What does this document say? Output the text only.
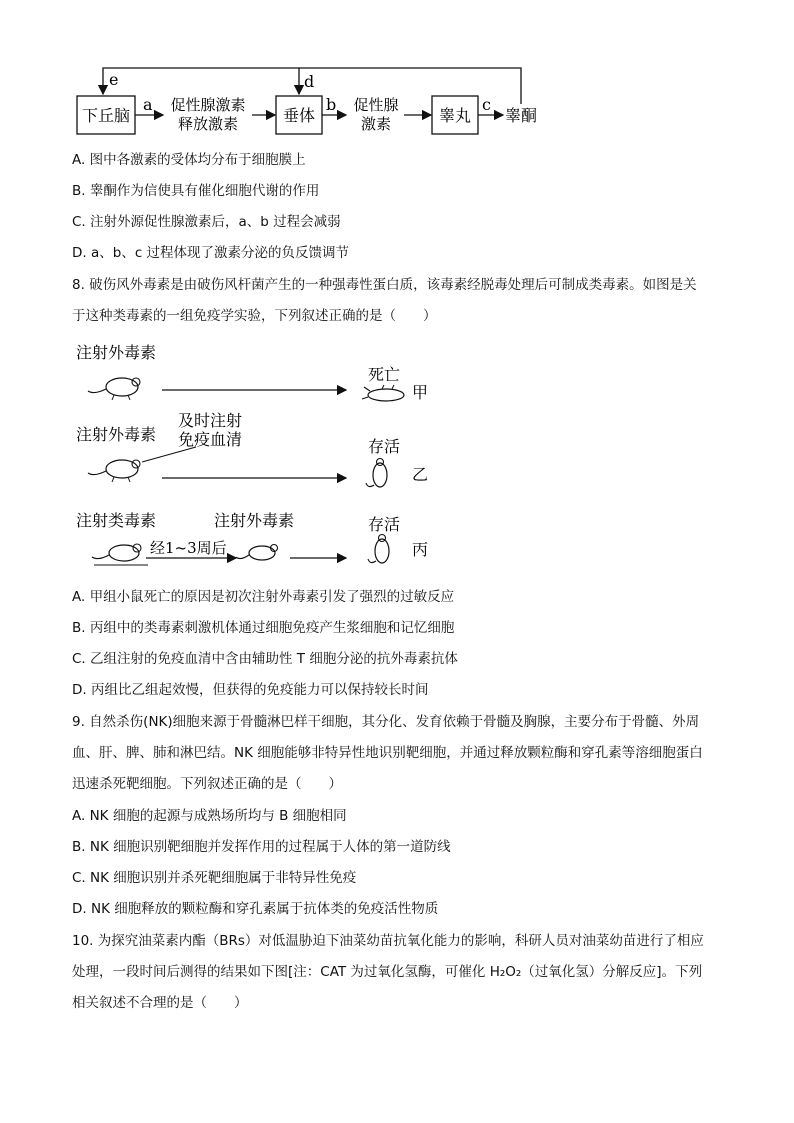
下丘脑	垂体	睾丸 睾酮
a 促性腺激素
释放激素
b 促性腺
激素
c
e	d
A. 图中各激素的受体均分布于细胞膜上
B. 睾酮作为信使具有催化细胞代谢的作用
C. 注射外源促性腺激素后，a、b 过程会减弱
D. a、b、c 过程体现了激素分泌的负反馈调节
8. 破伤风外毒素是由破伤风杆菌产生的一种强毒性蛋白质，该毒素经脱毒处理后可制成类毒素。如图是关
于这种类毒素的一组免疫学实验，下列叙述正确的是（　　）
注射外毒素
死亡
甲
及时注射
免疫血清
注射外毒素
存活
乙
注射类毒素	注射外毒素
经1~3周后
存活
丙
A. 甲组小鼠死亡的原因是初次注射外毒素引发了强烈的过敏反应
B. 丙组中的类毒素刺激机体通过细胞免疫产生浆细胞和记忆细胞
C. 乙组注射的免疫血清中含由辅助性 T 细胞分泌的抗外毒素抗体
D. 丙组比乙组起效慢，但获得的免疫能力可以保持较长时间
9. 自然杀伤(NK)细胞来源于骨髓淋巴样干细胞，其分化、发育依赖于骨髓及胸腺，主要分布于骨髓、外周
血、肝、脾、肺和淋巴结。NK 细胞能够非特异性地识别靶细胞，并通过释放颗粒酶和穿孔素等溶细胞蛋白
迅速杀死靶细胞。下列叙述正确的是（　　）
A. NK 细胞的起源与成熟场所均与 B 细胞相同
B. NK 细胞识别靶细胞并发挥作用的过程属于人体的第一道防线
C. NK 细胞识别并杀死靶细胞属于非特异性免疫
D. NK 细胞释放的颗粒酶和穿孔素属于抗体类的免疫活性物质
10. 为探究油菜素内酯（BRs）对低温胁迫下油菜幼苗抗氧化能力的影响，科研人员对油菜幼苗进行了相应
处理，一段时间后测得的结果如下图[注：CAT 为过氧化氢酶，可催化 H₂O₂（过氧化氢）分解反应]。下列
相关叙述不合理的是（　　）
